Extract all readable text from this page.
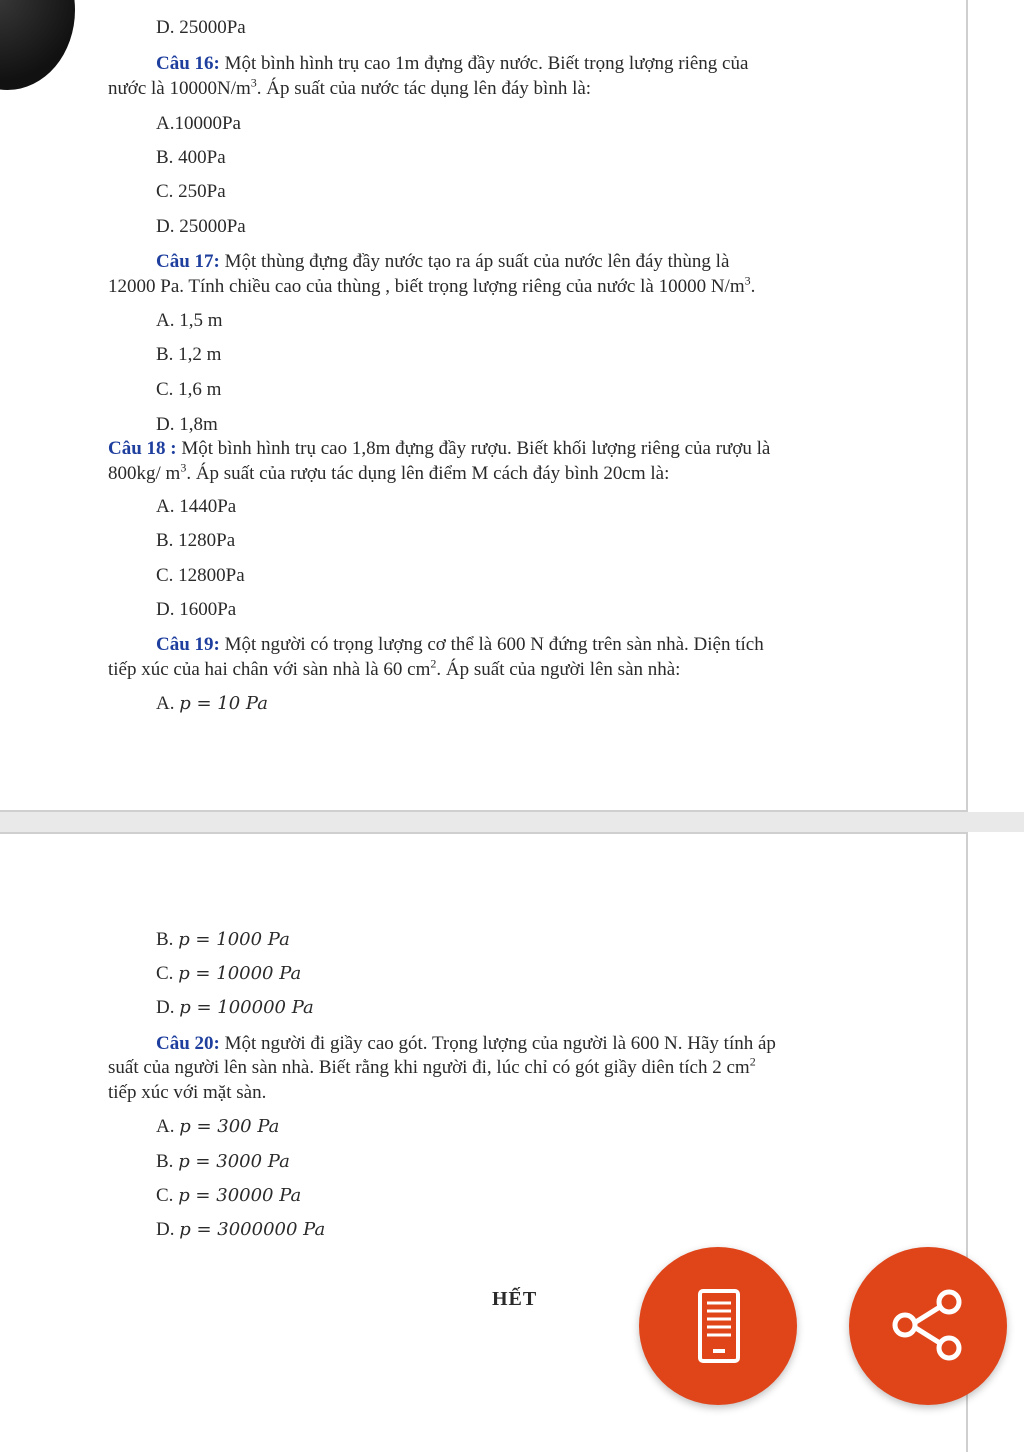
D. 25000Pa
Câu 16: Một bình hình trụ cao 1m đựng đầy nước. Biết trọng lượng riêng của
nước là $10000N/m^3$. Áp suất của nước tác dụng lên đáy bình là:
A.10000Pa
B. 400Pa
C. 250Pa
D. 25000Pa
Câu 17: Một thùng đựng đầy nước tạo ra áp suất của nước lên đáy thùng là
12000 Pa. Tính chiều cao của thùng , biết trọng lượng riêng của nước là 10000 $N/m^3$.
A. 1,5 m
B. 1,2 m
C. 1,6 m
D. 1,8m
Câu 18 : Một bình hình trụ cao 1,8m đựng đầy rượu. Biết khối lượng riêng của rượu là
800kg/ $m^3$. Áp suất của rượu tác dụng lên điểm M cách đáy bình 20cm là:
A. 1440Pa
B. 1280Pa
C. 12800Pa
D. 1600Pa
Câu 19: Một người có trọng lượng cơ thể là 600 N đứng trên sàn nhà. Diện tích
tiếp xúc của hai chân với sàn nhà là 60 $cm^2$. Áp suất của người lên sàn nhà:
A. p = 10 Pa
B. p = 1000 Pa
C. p = 10000 Pa
D. p = 100000 Pa
Câu 20: Một người đi giầy cao gót. Trọng lượng của người là 600 N. Hãy tính áp
suất của người lên sàn nhà. Biết rằng khi người đi, lúc chỉ có gót giầy diên tích 2 $cm^2$
tiếp xúc với mặt sàn.
A. p = 300 Pa
B. p = 3000 Pa
C. p = 30000 Pa
D. p = 3000000 Pa
HẾT
